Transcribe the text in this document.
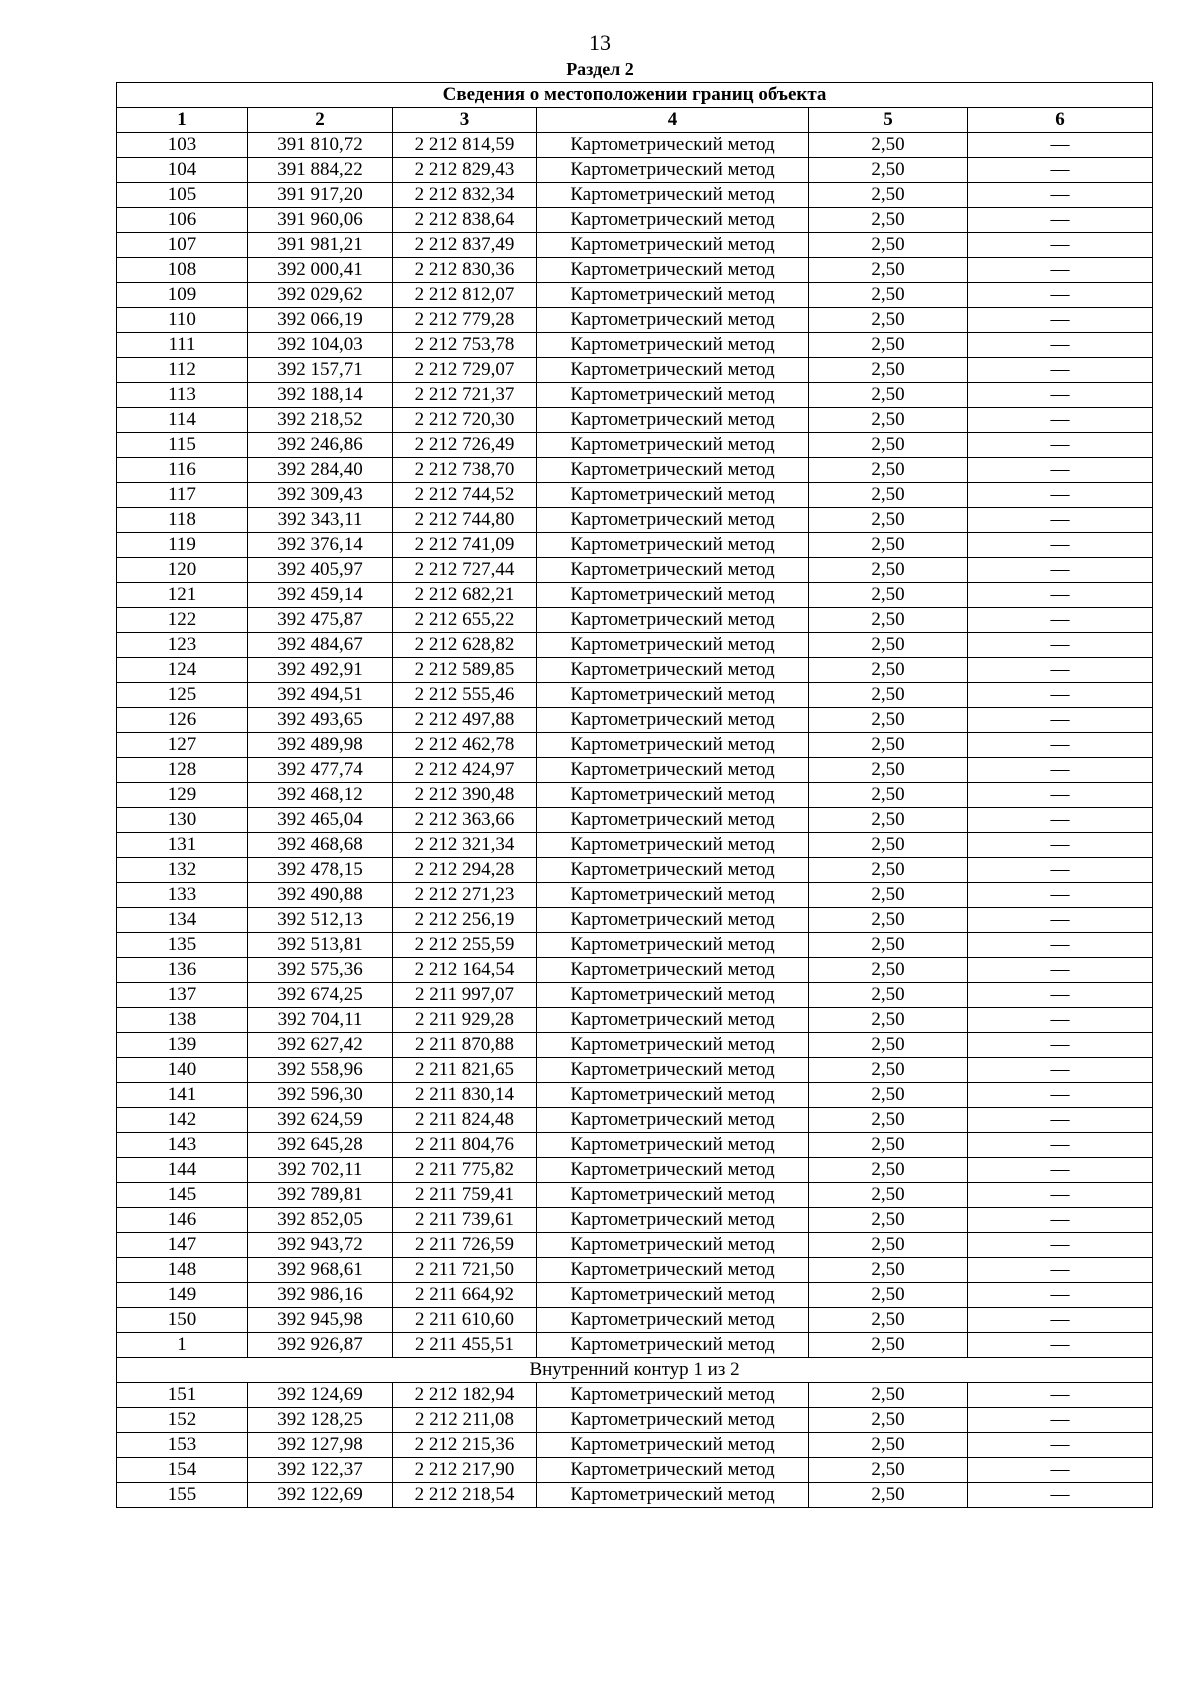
13
Раздел 2
Сведения о местоположении границ объекта					
1	2	3	4	5	6
103	391 810,72	2 212 814,59	Картометрический метод	2,50	—
104	391 884,22	2 212 829,43	Картометрический метод	2,50	—
105	391 917,20	2 212 832,34	Картометрический метод	2,50	—
106	391 960,06	2 212 838,64	Картометрический метод	2,50	—
107	391 981,21	2 212 837,49	Картометрический метод	2,50	—
108	392 000,41	2 212 830,36	Картометрический метод	2,50	—
109	392 029,62	2 212 812,07	Картометрический метод	2,50	—
110	392 066,19	2 212 779,28	Картометрический метод	2,50	—
111	392 104,03	2 212 753,78	Картометрический метод	2,50	—
112	392 157,71	2 212 729,07	Картометрический метод	2,50	—
113	392 188,14	2 212 721,37	Картометрический метод	2,50	—
114	392 218,52	2 212 720,30	Картометрический метод	2,50	—
115	392 246,86	2 212 726,49	Картометрический метод	2,50	—
116	392 284,40	2 212 738,70	Картометрический метод	2,50	—
117	392 309,43	2 212 744,52	Картометрический метод	2,50	—
118	392 343,11	2 212 744,80	Картометрический метод	2,50	—
119	392 376,14	2 212 741,09	Картометрический метод	2,50	—
120	392 405,97	2 212 727,44	Картометрический метод	2,50	—
121	392 459,14	2 212 682,21	Картометрический метод	2,50	—
122	392 475,87	2 212 655,22	Картометрический метод	2,50	—
123	392 484,67	2 212 628,82	Картометрический метод	2,50	—
124	392 492,91	2 212 589,85	Картометрический метод	2,50	—
125	392 494,51	2 212 555,46	Картометрический метод	2,50	—
126	392 493,65	2 212 497,88	Картометрический метод	2,50	—
127	392 489,98	2 212 462,78	Картометрический метод	2,50	—
128	392 477,74	2 212 424,97	Картометрический метод	2,50	—
129	392 468,12	2 212 390,48	Картометрический метод	2,50	—
130	392 465,04	2 212 363,66	Картометрический метод	2,50	—
131	392 468,68	2 212 321,34	Картометрический метод	2,50	—
132	392 478,15	2 212 294,28	Картометрический метод	2,50	—
133	392 490,88	2 212 271,23	Картометрический метод	2,50	—
134	392 512,13	2 212 256,19	Картометрический метод	2,50	—
135	392 513,81	2 212 255,59	Картометрический метод	2,50	—
136	392 575,36	2 212 164,54	Картометрический метод	2,50	—
137	392 674,25	2 211 997,07	Картометрический метод	2,50	—
138	392 704,11	2 211 929,28	Картометрический метод	2,50	—
139	392 627,42	2 211 870,88	Картометрический метод	2,50	—
140	392 558,96	2 211 821,65	Картометрический метод	2,50	—
141	392 596,30	2 211 830,14	Картометрический метод	2,50	—
142	392 624,59	2 211 824,48	Картометрический метод	2,50	—
143	392 645,28	2 211 804,76	Картометрический метод	2,50	—
144	392 702,11	2 211 775,82	Картометрический метод	2,50	—
145	392 789,81	2 211 759,41	Картометрический метод	2,50	—
146	392 852,05	2 211 739,61	Картометрический метод	2,50	—
147	392 943,72	2 211 726,59	Картометрический метод	2,50	—
148	392 968,61	2 211 721,50	Картометрический метод	2,50	—
149	392 986,16	2 211 664,92	Картометрический метод	2,50	—
150	392 945,98	2 211 610,60	Картометрический метод	2,50	—
1	392 926,87	2 211 455,51	Картометрический метод	2,50	—
Внутренний контур 1 из 2					
151	392 124,69	2 212 182,94	Картометрический метод	2,50	—
152	392 128,25	2 212 211,08	Картометрический метод	2,50	—
153	392 127,98	2 212 215,36	Картометрический метод	2,50	—
154	392 122,37	2 212 217,90	Картометрический метод	2,50	—
155	392 122,69	2 212 218,54	Картометрический метод	2,50	—
